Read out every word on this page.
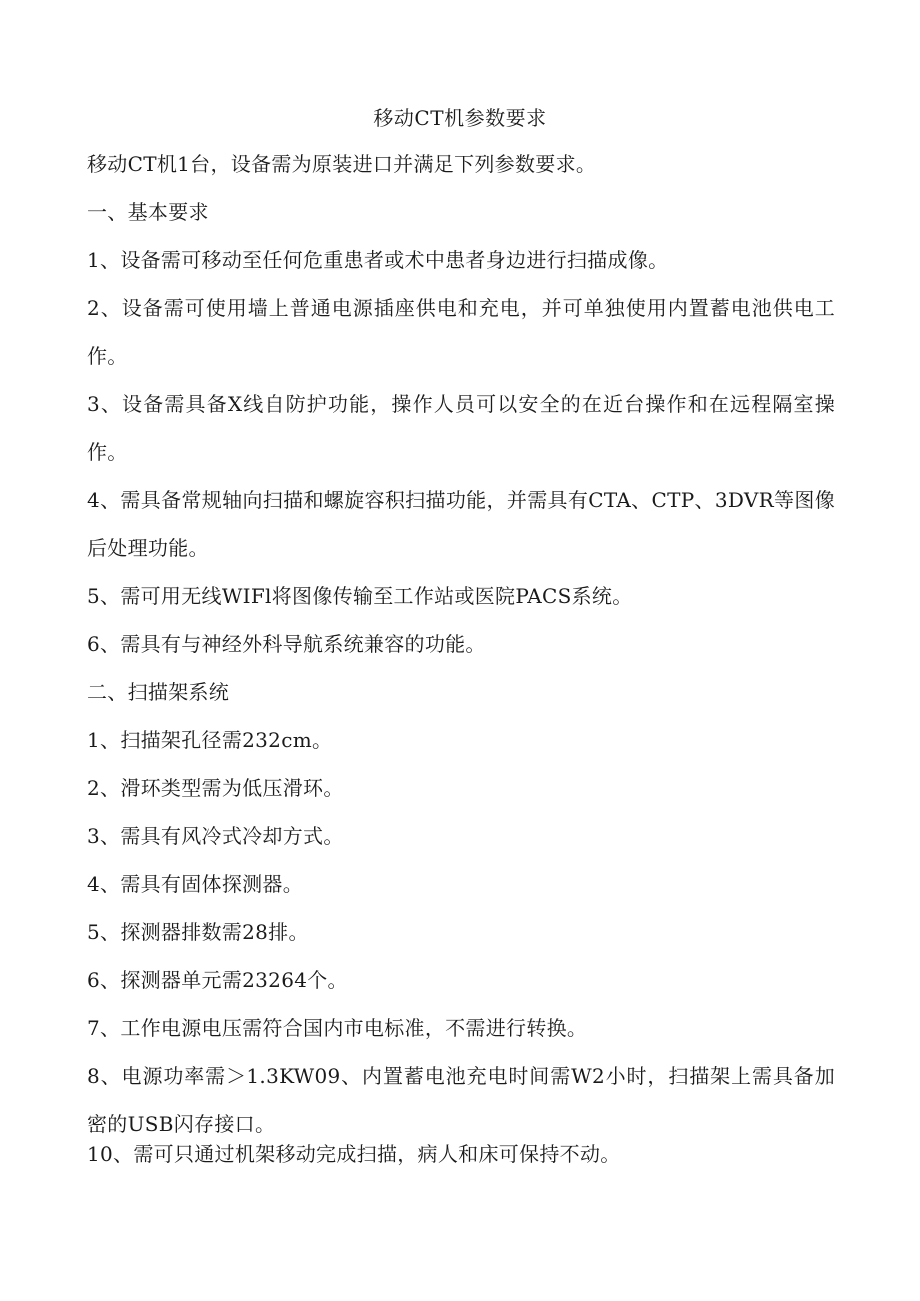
移动CT机参数要求

移动CT机1台，设备需为原装进口并满足下列参数要求。

一、基本要求

1、设备需可移动至任何危重患者或术中患者身边进行扫描成像。

2、设备需可使用墙上普通电源插座供电和充电，并可单独使用内置蓄电池供电工作。

3、设备需具备X线自防护功能，操作人员可以安全的在近台操作和在远程隔室操作。

4、需具备常规轴向扫描和螺旋容积扫描功能，并需具有CTA、CTP、3DVR等图像后处理功能。

5、需可用无线WIFl将图像传输至工作站或医院PACS系统。

6、需具有与神经外科导航系统兼容的功能。

二、扫描架系统

1、扫描架孔径需232cm。

2、滑环类型需为低压滑环。

3、需具有风冷式冷却方式。

4、需具有固体探测器。

5、探测器排数需28排。

6、探测器单元需23264个。

7、工作电源电压需符合国内市电标准，不需进行转换。

8、电源功率需＞1.3KW09、内置蓄电池充电时间需W2小时，扫描架上需具备加密的USB闪存接口。

10、需可只通过机架移动完成扫描，病人和床可保持不动。
